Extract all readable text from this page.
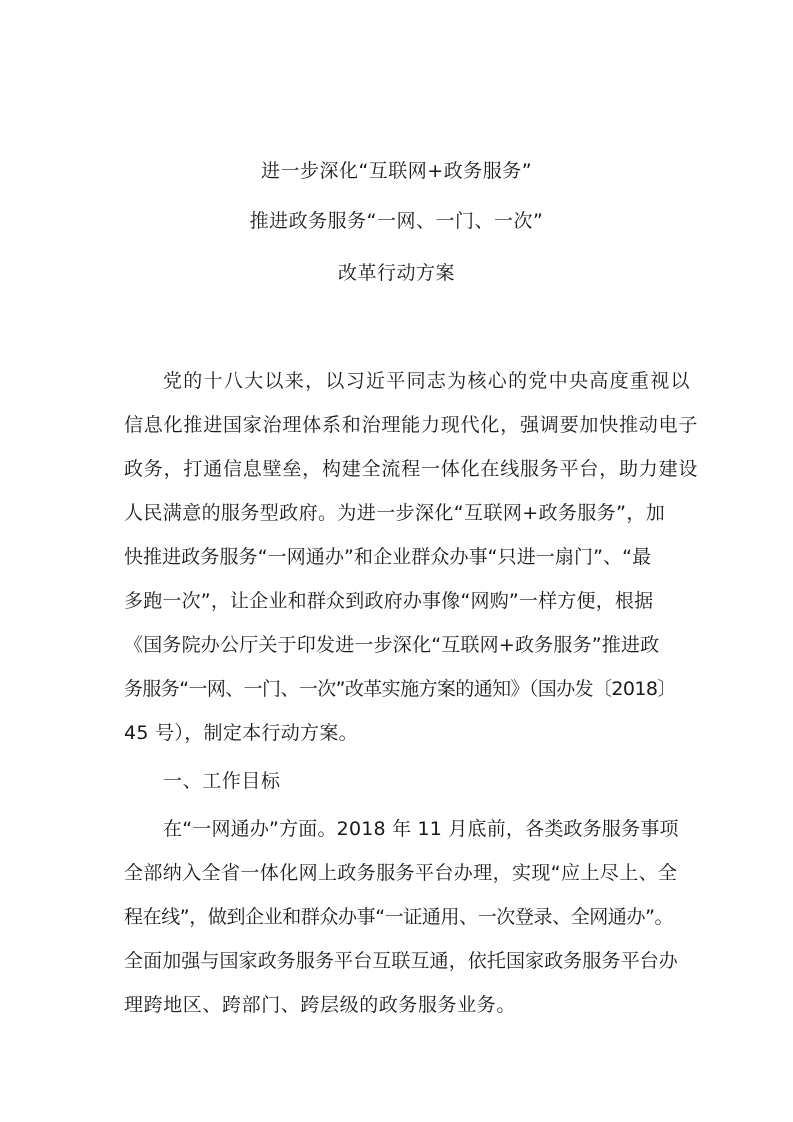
进一步深化“互联网+政务服务”
推进政务服务“一网、一门、一次”
改革行动方案
党的十八大以来，以习近平同志为核心的党中央高度重视以
信息化推进国家治理体系和治理能力现代化，强调要加快推动电子
政务，打通信息壁垒，构建全流程一体化在线服务平台，助力建设
人民满意的服务型政府。为进一步深化“互联网+政务服务”，加
快推进政务服务“一网通办”和企业群众办事“只进一扇门”、“最
多跑一次”，让企业和群众到政府办事像“网购”一样方便，根据
《国务院办公厅关于印发进一步深化“互联网+政务服务”推进政
务服务“一网、一门、一次”改革实施方案的通知》（国办发〔2018〕
45 号），制定本行动方案。
一、工作目标
在“一网通办”方面。2018 年 11 月底前，各类政务服务事项
全部纳入全省一体化网上政务服务平台办理，实现“应上尽上、全
程在线”，做到企业和群众办事“一证通用、一次登录、全网通办”。
全面加强与国家政务服务平台互联互通，依托国家政务服务平台办
理跨地区、跨部门、跨层级的政务服务业务。
